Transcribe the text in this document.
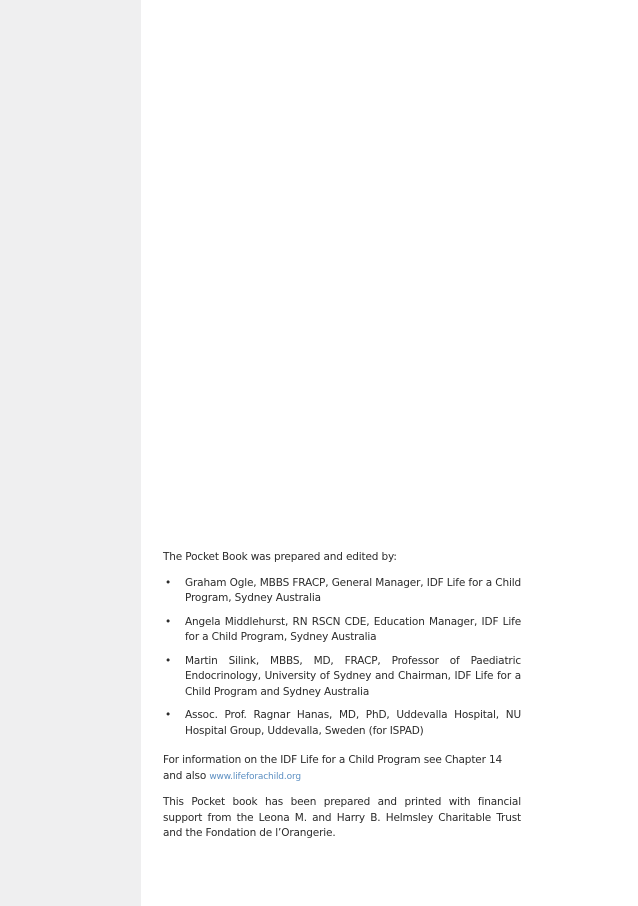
The Pocket Book was prepared and edited by:

• Graham Ogle, MBBS FRACP, General Manager, IDF Life for a Child Program, Sydney Australia
• Angela Middlehurst, RN RSCN CDE, Education Manager, IDF Life for a Child Program, Sydney Australia
• Martin Silink, MBBS, MD, FRACP, Professor of Paediatric Endocrinology, University of Sydney and Chairman, IDF Life for a Child Program and Sydney Australia
• Assoc. Prof. Ragnar Hanas, MD, PhD, Uddevalla Hospital, NU Hospital Group, Uddevalla, Sweden (for ISPAD)

For information on the IDF Life for a Child Program see Chapter 14 and also www.lifeforachild.org

This Pocket book has been prepared and printed with financial support from the Leona M. and Harry B. Helmsley Charitable Trust and the Fondation de l’Orangerie.
